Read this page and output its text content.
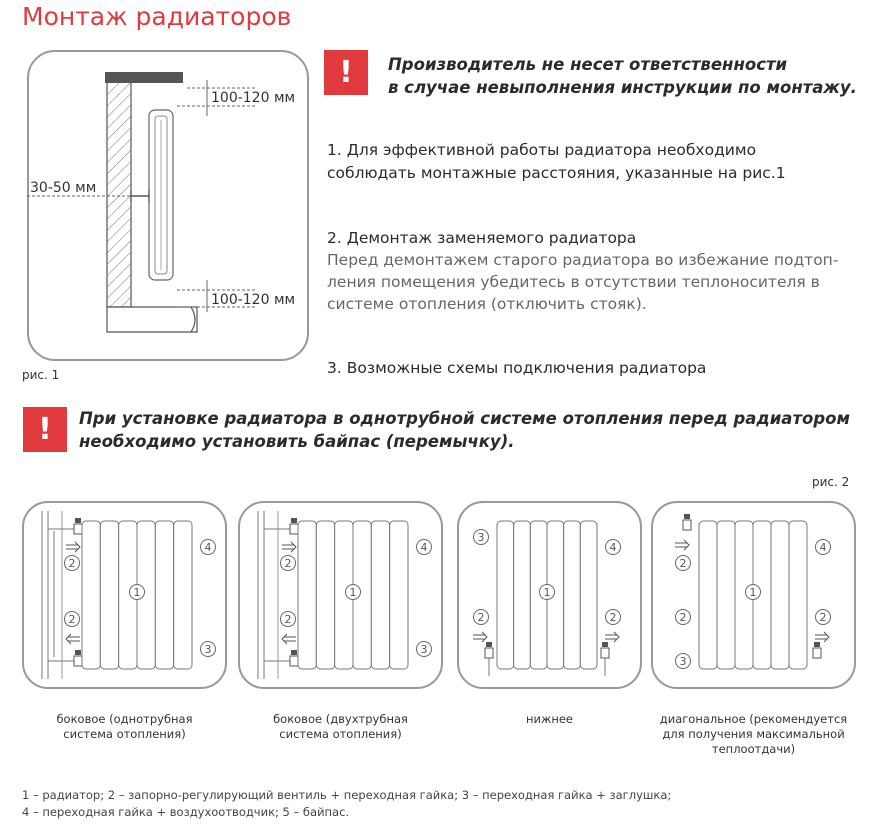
Монтаж радиаторов
100-120 мм
30-50 мм
100-120 мм
рис. 1
! Производитель не несет ответственности
в случае невыполнения инструкции по монтажу.
1. Для эффективной работы радиатора необходимо
соблюдать монтажные расстояния, указанные на рис.1
2. Демонтаж заменяемого радиатора
Перед демонтажем старого радиатора во избежание подтоп-
ления помещения убедитесь в отсутствии теплоносителя в
системе отопления (отключить стояк).
3. Возможные схемы подключения радиатора
! При установке радиатора в однотрубной системе отопления перед радиатором
необходимо установить байпас (перемычку).
рис. 2
2
2
4
3
1
2
2
4
3
1	1
3
4
2	2
1
2
4
2	2
3
боковое (однотрубная
система отопления)
боковое (двухтрубная
система отопления)
нижнее	диагональное (рекомендуется
для получения максимальной
теплоотдачи)
1 – радиатор; 2 – запорно-регулирующий вентиль + переходная гайка; 3 – переходная гайка + заглушка;
4 – переходная гайка + воздухоотводчик; 5 – байпас.
